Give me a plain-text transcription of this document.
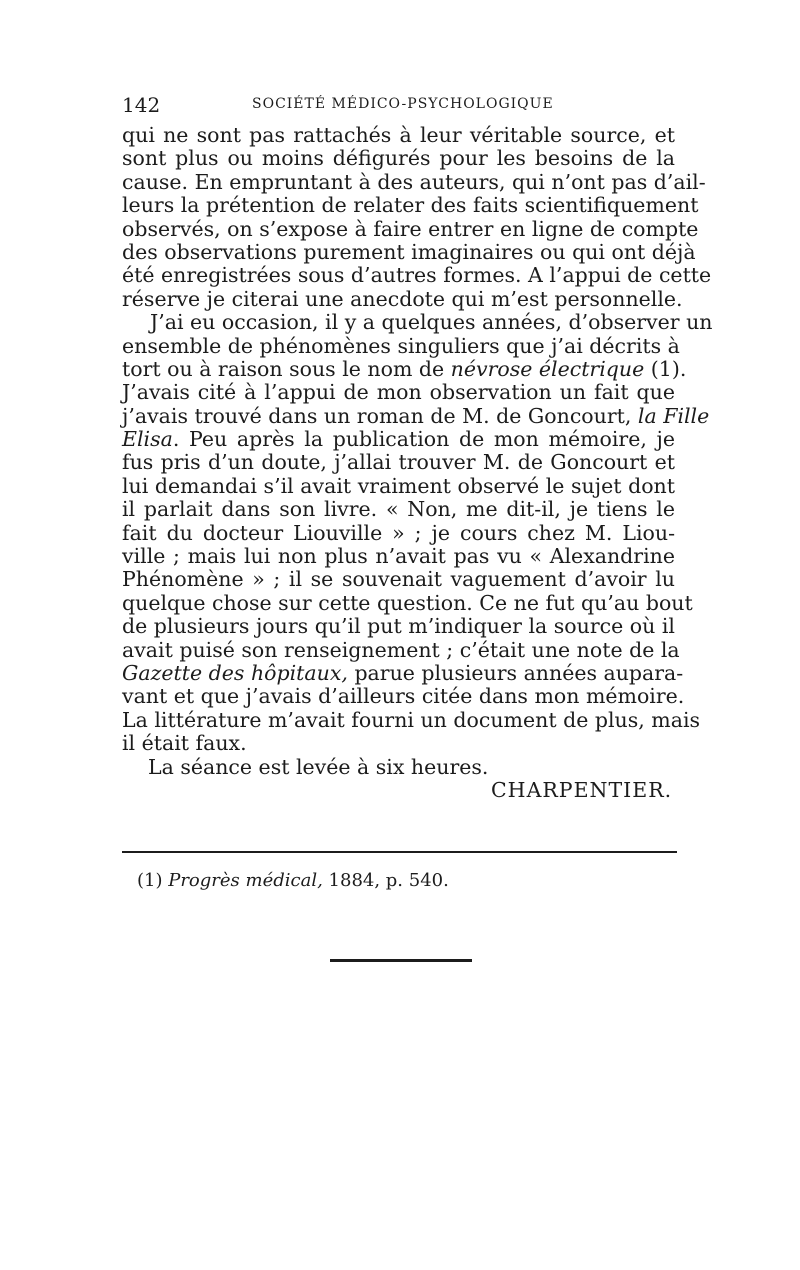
142	SOCIÉTÉ MÉDICO-PSYCHOLOGIQUE
qui ne sont pas rattachés à leur véritable source, et
sont plus ou moins défigurés pour les besoins de la
cause. En empruntant à des auteurs, qui n’ont pas d’ail-
leurs la prétention de relater des faits scientifiquement
observés, on s’expose à faire entrer en ligne de compte
des observations purement imaginaires ou qui ont déjà
été enregistrées sous d’autres formes. A l’appui de cette
réserve je citerai une anecdote qui m’est personnelle.
J’ai eu occasion, il y a quelques années, d’observer un
ensemble de phénomènes singuliers que j’ai décrits à
tort ou à raison sous le nom de névrose électrique (1).
J’avais cité à l’appui de mon observation un fait que
j’avais trouvé dans un roman de M. de Goncourt, la Fille
Elisa. Peu après la publication de mon mémoire, je
fus pris d’un doute, j’allai trouver M. de Goncourt et
lui demandai s’il avait vraiment observé le sujet dont
il parlait dans son livre. « Non, me dit-il, je tiens le
fait du docteur Liouville » ; je cours chez M. Liou-
ville ; mais lui non plus n’avait pas vu « Alexandrine
Phénomène » ; il se souvenait vaguement d’avoir lu
quelque chose sur cette question. Ce ne fut qu’au bout
de plusieurs jours qu’il put m’indiquer la source où il
avait puisé son renseignement ; c’était une note de la
Gazette des hôpitaux, parue plusieurs années aupara-
vant et que j’avais d’ailleurs citée dans mon mémoire.
La littérature m’avait fourni un document de plus, mais
il était faux.
La séance est levée à six heures.
CHARPENTIER.
(1) Progrès médical, 1884, p. 540.
